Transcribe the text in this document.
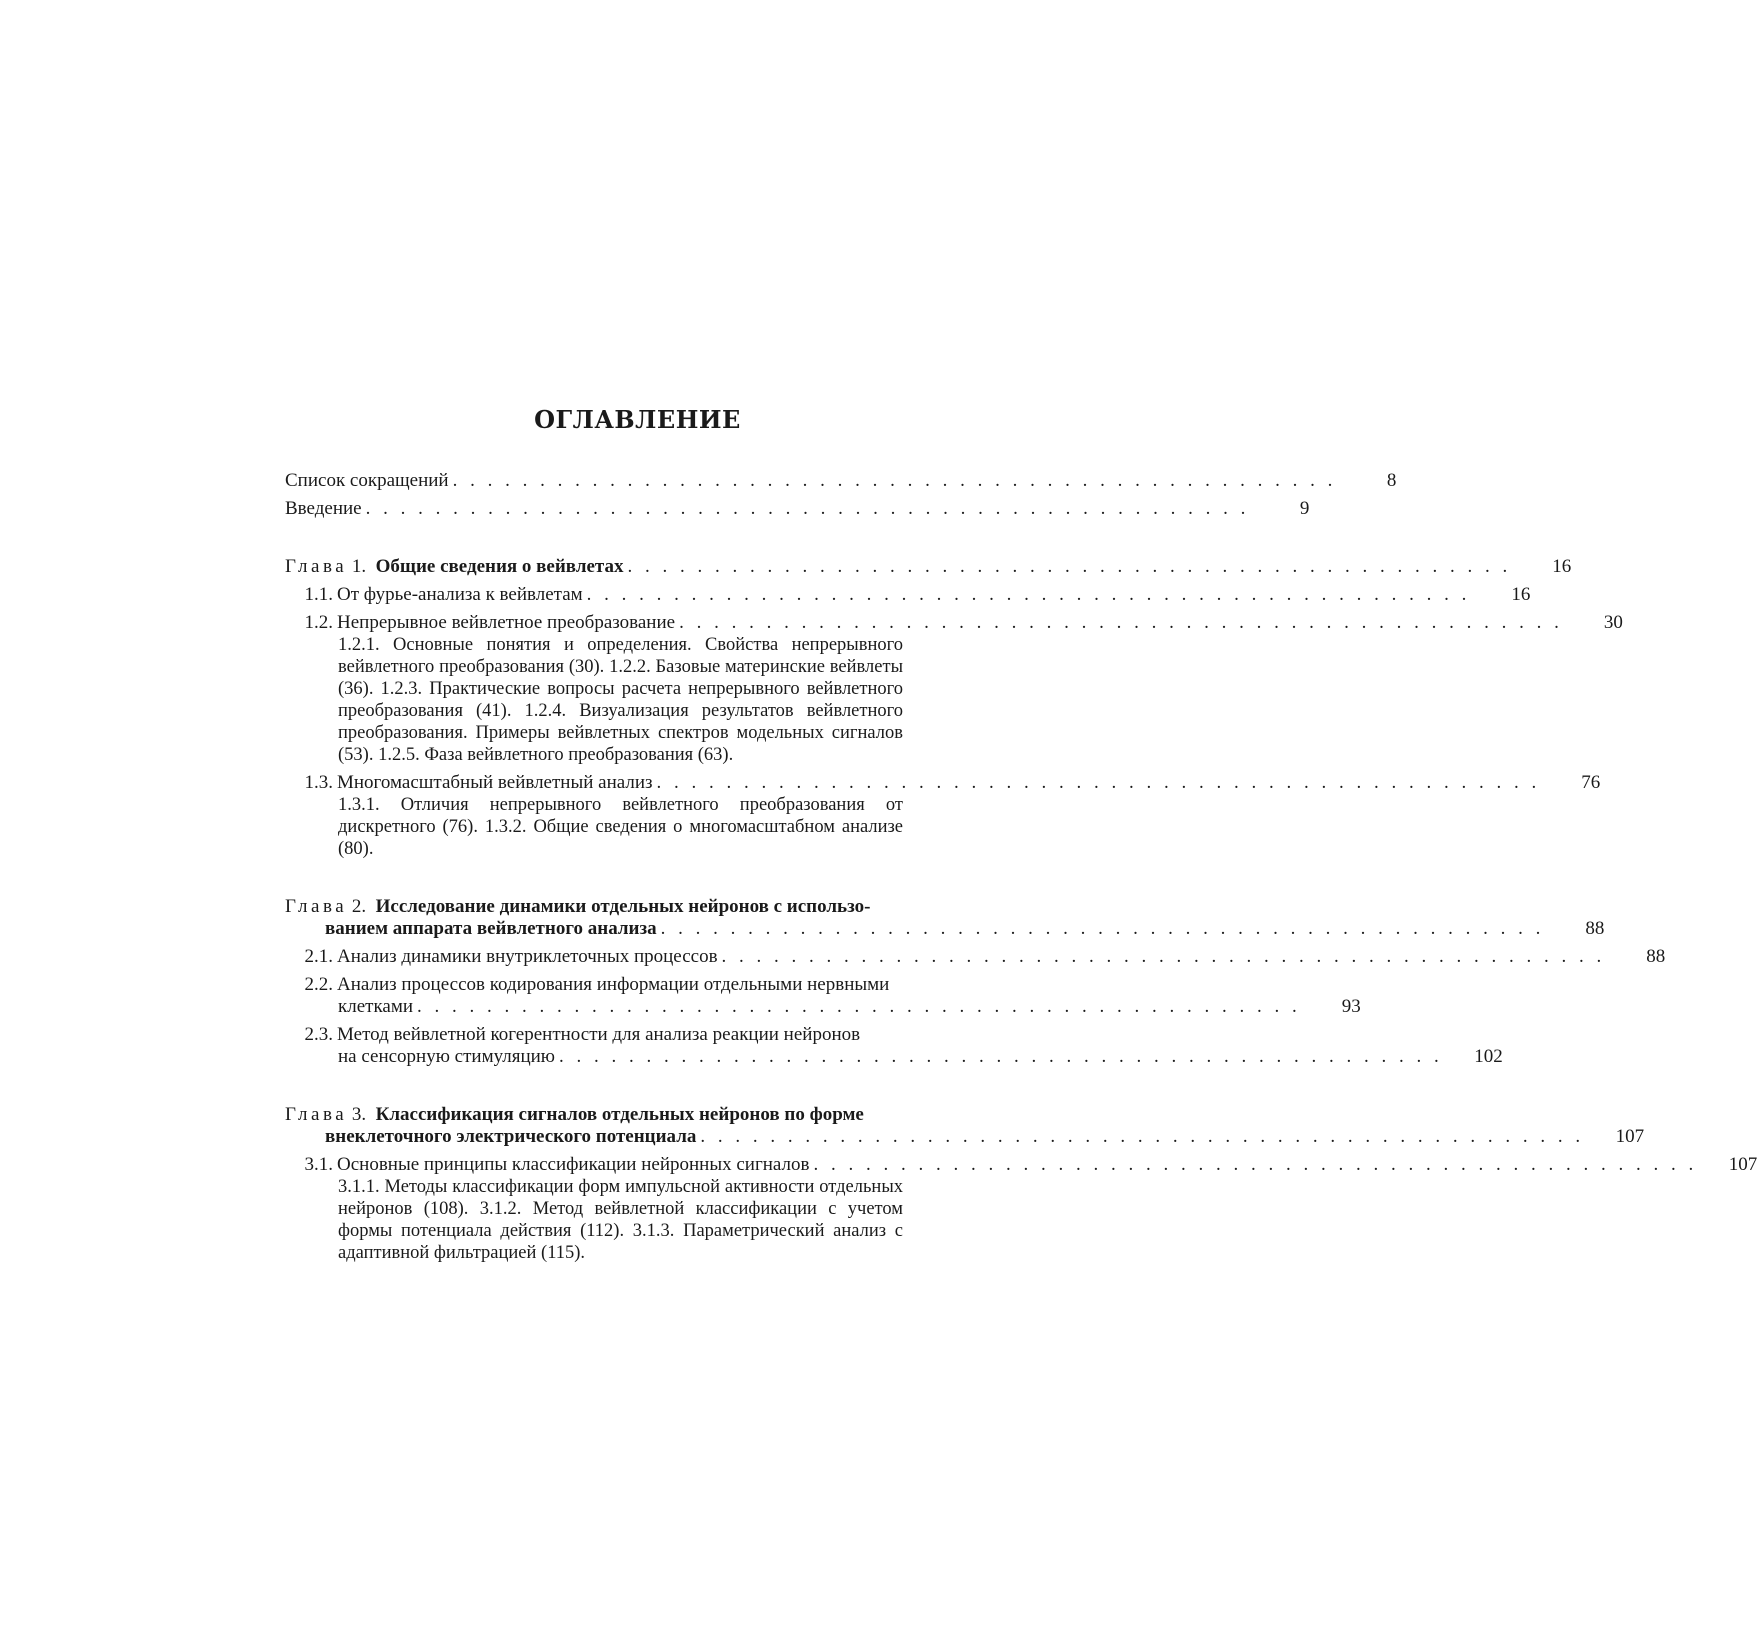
ОГЛАВЛЕНИЕ
Список сокращений . . . . . . . . . . . . . . . . . . . . . . . . . . . . . . . . . . . . . . . . . . . . . . . . . . .	8
Введение . . . . . . . . . . . . . . . . . . . . . . . . . . . . . . . . . . . . . . . . . . . . . . . . . . .	9
Глава 1. Общие сведения о вейвлетах . . . . . . . . . . . . . . . . . . . . . . . . . . . . . . . . . . . . . . . . . . . . . . . . . . .	16
1.1. От фурье-анализа к вейвлетам . . . . . . . . . . . . . . . . . . . . . . . . . . . . . . . . . . . . . . . . . . . . . . . . . . .	16
1.2. Непрерывное вейвлетное преобразование . . . . . . . . . . . . . . . . . . . . . . . . . . . . . . . . . . . . . . . . . . . . . . . . . . .	30
1.2.1. Основные понятия и определения. Свойства непрерывного вейвлетного преобразования (30). 1.2.2. Базовые материнские вейвлеты (36). 1.2.3. Практические вопросы расчета непрерывного вейвлетного преобразования (41). 1.2.4. Визуализация результатов вейвлетного преобразования. Примеры вейвлетных спектров модельных сигналов (53). 1.2.5. Фаза вейвлетного преобразования (63).
1.3. Многомасштабный вейвлетный анализ . . . . . . . . . . . . . . . . . . . . . . . . . . . . . . . . . . . . . . . . . . . . . . . . . . .	76
1.3.1. Отличия непрерывного вейвлетного преобразования от дискретного (76). 1.3.2. Общие сведения о многомасштабном анализе (80).
Глава 2. Исследование динамики отдельных нейронов с использо-
ванием аппарата вейвлетного анализа . . . . . . . . . . . . . . . . . . . . . . . . . . . . . . . . . . . . . . . . . . . . . . . . . . .	88
2.1. Анализ динамики внутриклеточных процессов . . . . . . . . . . . . . . . . . . . . . . . . . . . . . . . . . . . . . . . . . . . . . . . . . . .	88
2.2. Анализ процессов кодирования информации отдельными нервными
клетками . . . . . . . . . . . . . . . . . . . . . . . . . . . . . . . . . . . . . . . . . . . . . . . . . . .	93
2.3. Метод вейвлетной когерентности для анализа реакции нейронов
на сенсорную стимуляцию . . . . . . . . . . . . . . . . . . . . . . . . . . . . . . . . . . . . . . . . . . . . . . . . . . .	102
Глава 3. Классификация сигналов отдельных нейронов по форме
внеклеточного электрического потенциала . . . . . . . . . . . . . . . . . . . . . . . . . . . . . . . . . . . . . . . . . . . . . . . . . . .	107
3.1. Основные принципы классификации нейронных сигналов . . . . . . . . . . . . . . . . . . . . . . . . . . . . . . . . . . . . . . . . . . . . . . . . . . .	107
3.1.1. Методы классификации форм импульсной активности отдельных нейронов (108). 3.1.2. Метод вейвлетной классификации с учетом формы потенциала действия (112). 3.1.3. Параметрический анализ с адаптивной фильтрацией (115).
